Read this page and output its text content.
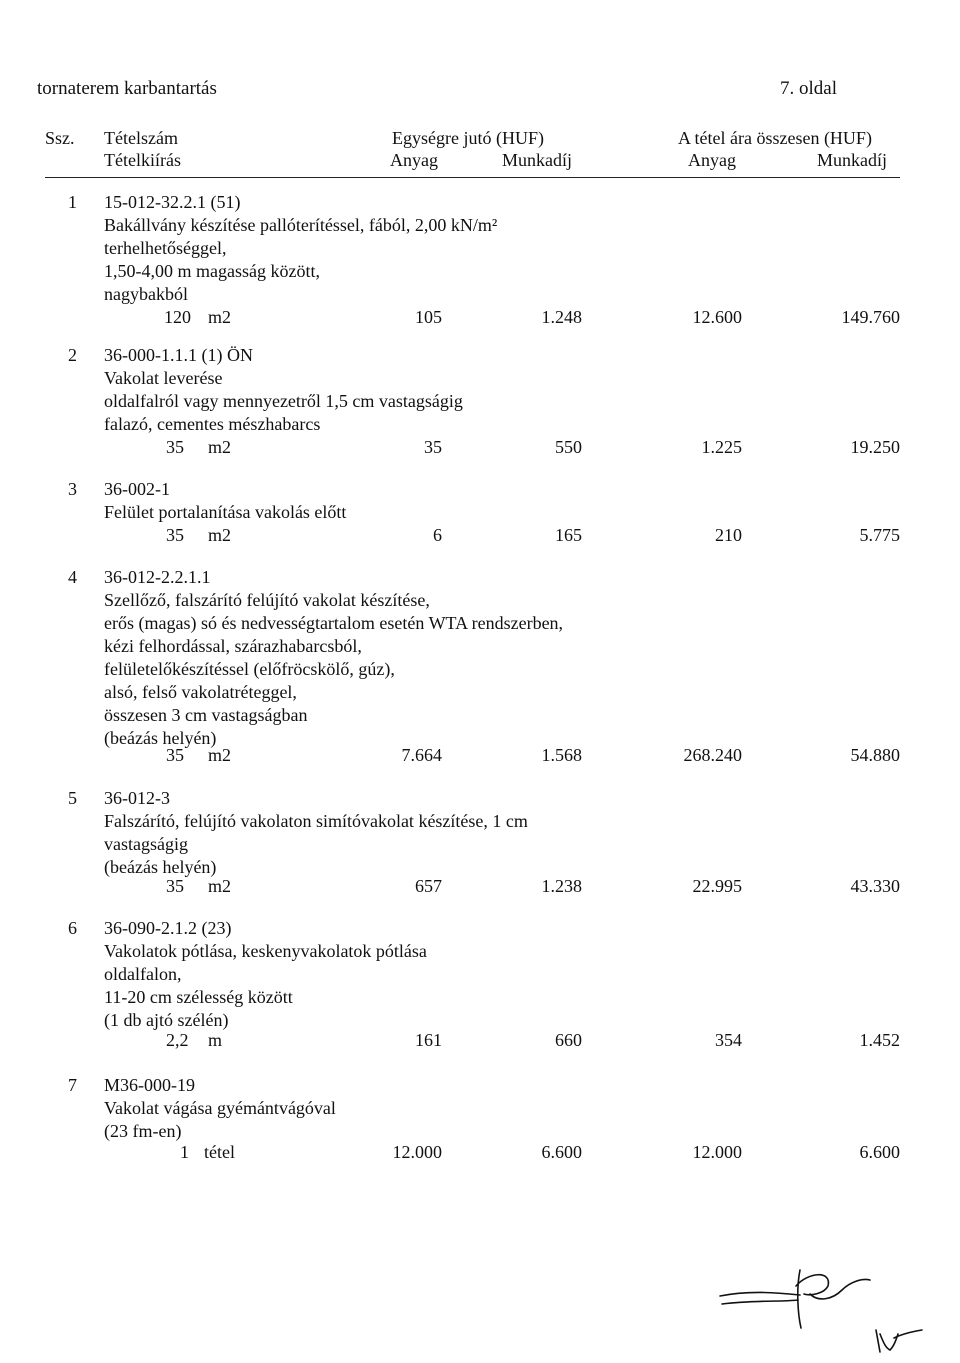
tornaterem karbantartás	7. oldal
Ssz. Tételszám
Tételkiírás
Egységre jutó (HUF)	A tétel ára összesen (HUF)
Anyag	Munkadíj	Anyag	Munkadíj
1 15-012-32.2.1 (51)
Bakállvány készítése pallóterítéssel, fából, 2,00 kN/m²
terhelhetőséggel,
1,50-4,00 m magasság között,
nagybakból
120 m2	105	1.248	12.600	149.760
2 36-000-1.1.1 (1) ÖN
Vakolat leverése
oldalfalról vagy mennyezetről 1,5 cm vastagságig
falazó, cementes mészhabarcs
35 m2	35	550	1.225	19.250
3 36-002-1
Felület portalanítása vakolás előtt
35 m2	6	165	210	5.775
4 36-012-2.2.1.1
Szellőző, falszárító felújító vakolat készítése,
erős (magas) só és nedvességtartalom esetén WTA rendszerben,
kézi felhordással, szárazhabarcsból,
felületelőkészítéssel (előfröcskölő, gúz),
alsó, felső vakolatréteggel,
összesen 3 cm vastagságban
(beázás helyén)
35 m2	7.664	1.568	268.240	54.880
5 36-012-3
Falszárító, felújító vakolaton simítóvakolat készítése, 1 cm
vastagságig
(beázás helyén)
35 m2	657	1.238	22.995	43.330
6 36-090-2.1.2 (23)
Vakolatok pótlása, keskenyvakolatok pótlása
oldalfalon,
11-20 cm szélesség között
(1 db ajtó szélén)
2,2 m	161	660	354	1.452
7 M36-000-19
Vakolat vágása gyémántvágóval
(23 fm-en)
1 tétel	12.000	6.600	12.000	6.600
